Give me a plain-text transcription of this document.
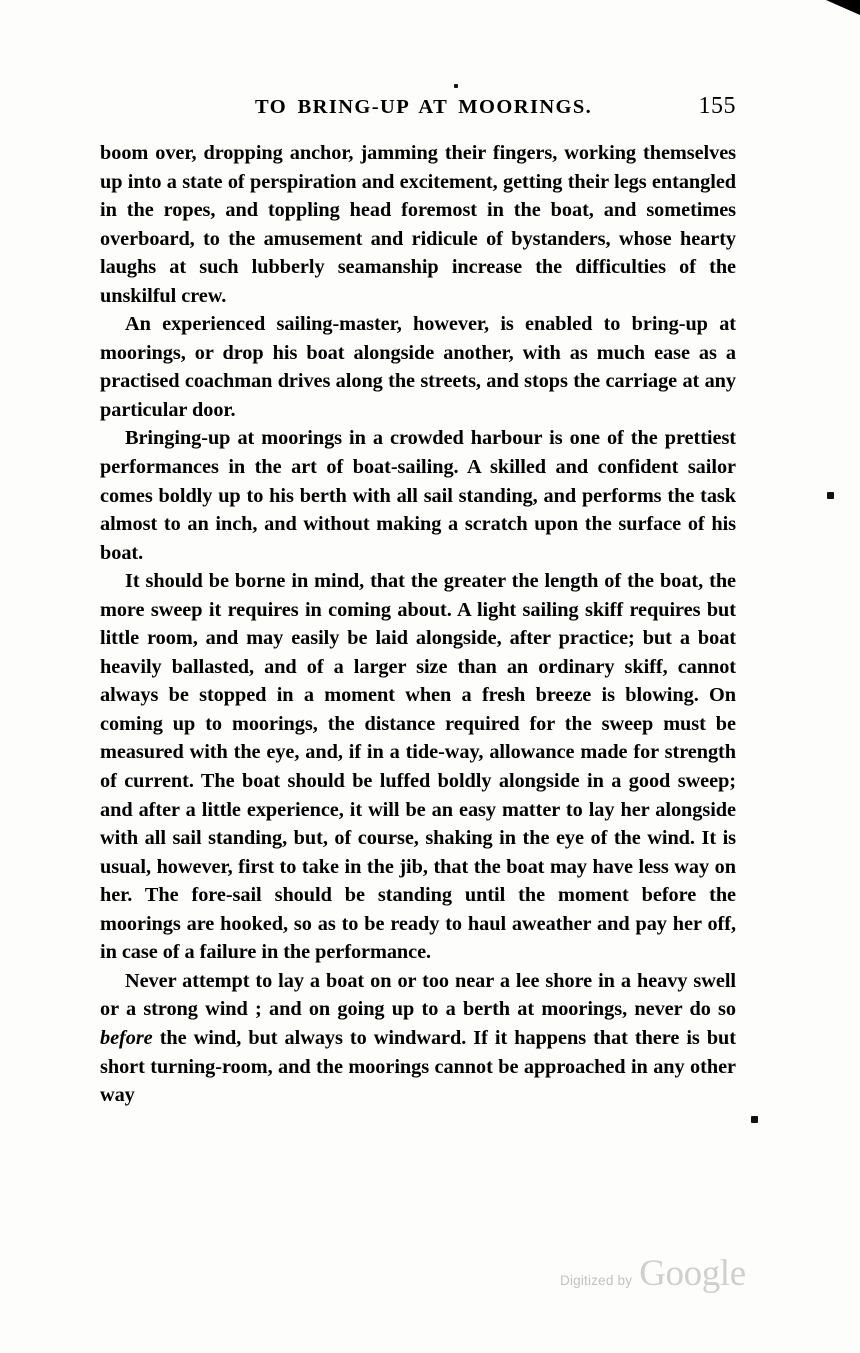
TO BRING-UP AT MOORINGS.	155

boom over, dropping anchor, jamming their fingers, working themselves up into a state of perspiration and excitement, getting their legs entangled in the ropes, and toppling head foremost in the boat, and sometimes overboard, to the amusement and ridicule of bystanders, whose hearty laughs at such lubberly seamanship increase the difficulties of the unskilful crew.

An experienced sailing-master, however, is enabled to bring-up at moorings, or drop his boat alongside another, with as much ease as a practised coachman drives along the streets, and stops the carriage at any particular door.

Bringing-up at moorings in a crowded harbour is one of the prettiest performances in the art of boat-sailing. A skilled and confident sailor comes boldly up to his berth with all sail standing, and performs the task almost to an inch, and without making a scratch upon the surface of his boat.

It should be borne in mind, that the greater the length of the boat, the more sweep it requires in coming about. A light sailing skiff requires but little room, and may easily be laid alongside, after practice; but a boat heavily ballasted, and of a larger size than an ordinary skiff, cannot always be stopped in a moment when a fresh breeze is blowing. On coming up to moorings, the distance required for the sweep must be measured with the eye, and, if in a tide-way, allowance made for strength of current. The boat should be luffed boldly alongside in a good sweep; and after a little experience, it will be an easy matter to lay her alongside with all sail standing, but, of course, shaking in the eye of the wind. It is usual, however, first to take in the jib, that the boat may have less way on her. The fore-sail should be standing until the moment before the moorings are hooked, so as to be ready to haul aweather and pay her off, in case of a failure in the performance.

Never attempt to lay a boat on or too near a lee shore in a heavy swell or a strong wind ; and on going up to a berth at moorings, never do so before the wind, but always to windward. If it happens that there is but short turning-room, and the moorings cannot be approached in any other way

Digitized by Google
